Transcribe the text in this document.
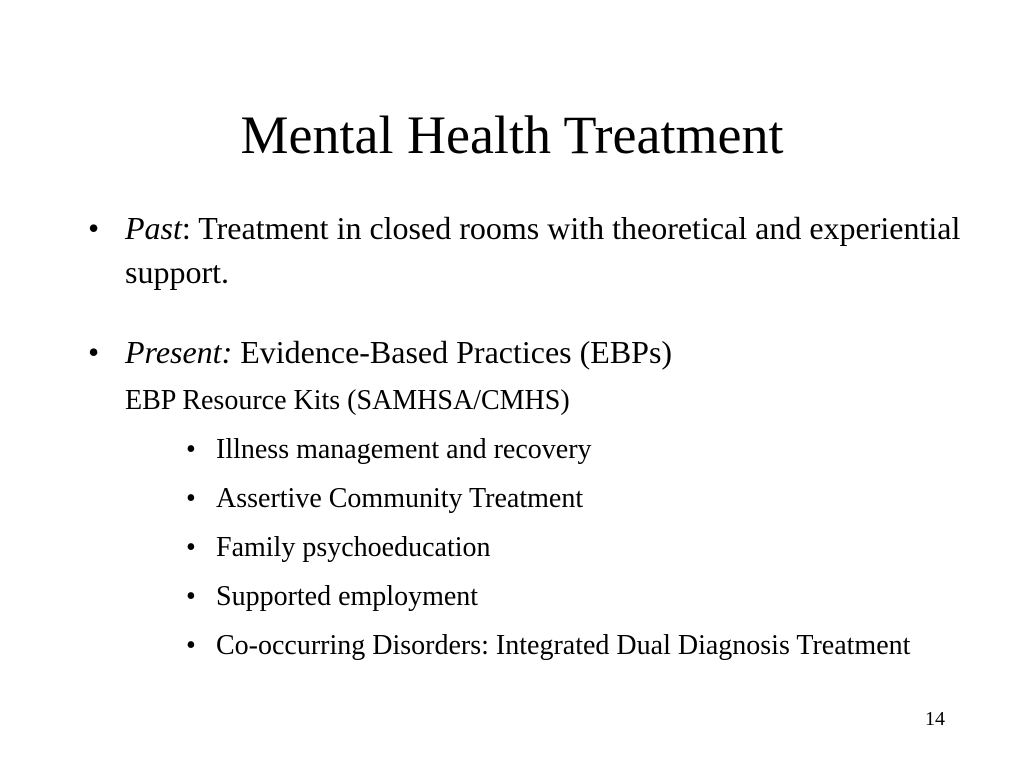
Mental Health Treatment
• Past: Treatment in closed rooms with theoretical and experiential support.
• Present: Evidence-Based Practices (EBPs)
EBP Resource Kits (SAMHSA/CMHS)
• Illness management and recovery
• Assertive Community Treatment
• Family psychoeducation
• Supported employment
• Co-occurring Disorders: Integrated Dual Diagnosis Treatment
14
